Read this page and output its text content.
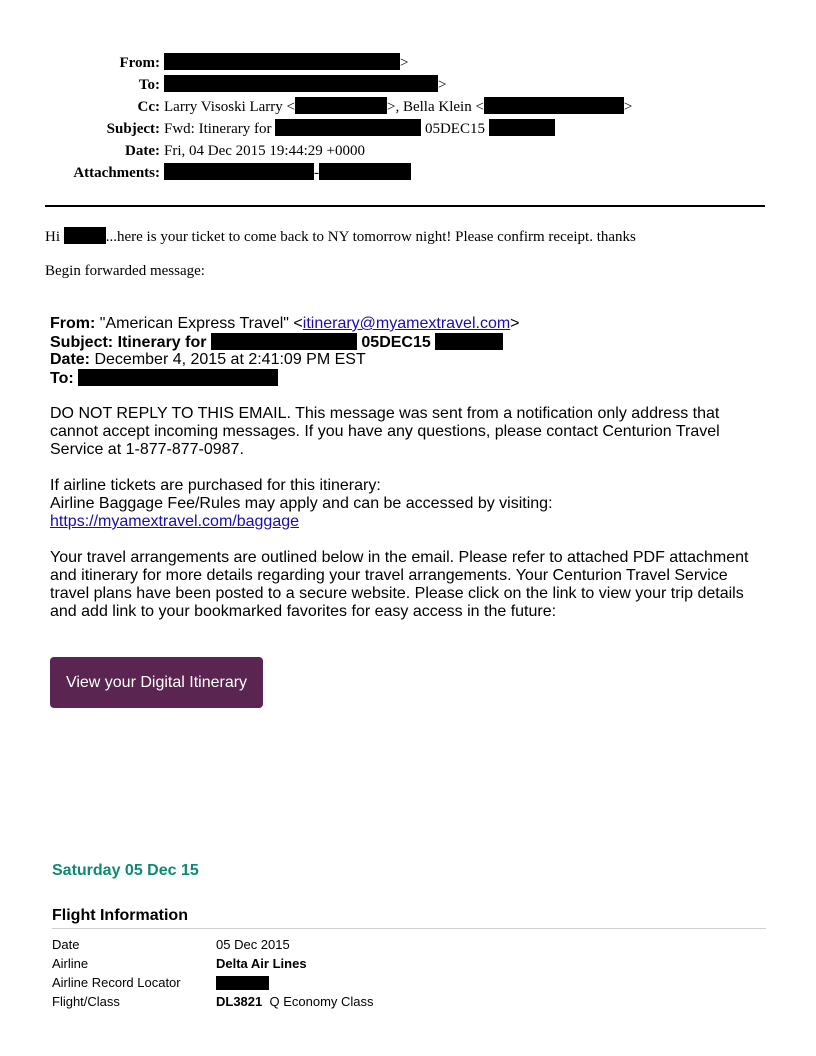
From:	>
To:	>
Cc: Larry Visoski Larry <	>, Bella Klein <	>
Subject: Fwd: Itinerary for	05DEC15
Date: Fri, 04 Dec 2015 19:44:29 +0000
Attachments:	-
Hi	...here is your ticket to come back to NY tomorrow night! Please confirm receipt. thanks
Begin forwarded message:
From: "American Express Travel" <itinerary@myamextravel.com>
Subject: Itinerary for	05DEC15
Date: December 4, 2015 at 2:41:09 PM EST
To:
DO NOT REPLY TO THIS EMAIL. This message was sent from a notification only address that cannot accept incoming messages. If you have any questions, please contact Centurion Travel Service at 1-877-877-0987.
If airline tickets are purchased for this itinerary:
Airline Baggage Fee/Rules may apply and can be accessed by visiting:
https://myamextravel.com/baggage
Your travel arrangements are outlined below in the email. Please refer to attached PDF attachment and itinerary for more details regarding your travel arrangements. Your Centurion Travel Service travel plans have been posted to a secure website. Please click on the link to view your trip details and add link to your bookmarked favorites for easy access in the future:
View your Digital Itinerary
Saturday 05 Dec 15
Flight Information
Date	05 Dec 2015
Airline	Delta Air Lines
Airline Record Locator
Flight/Class	DL3821 Q Economy Class
